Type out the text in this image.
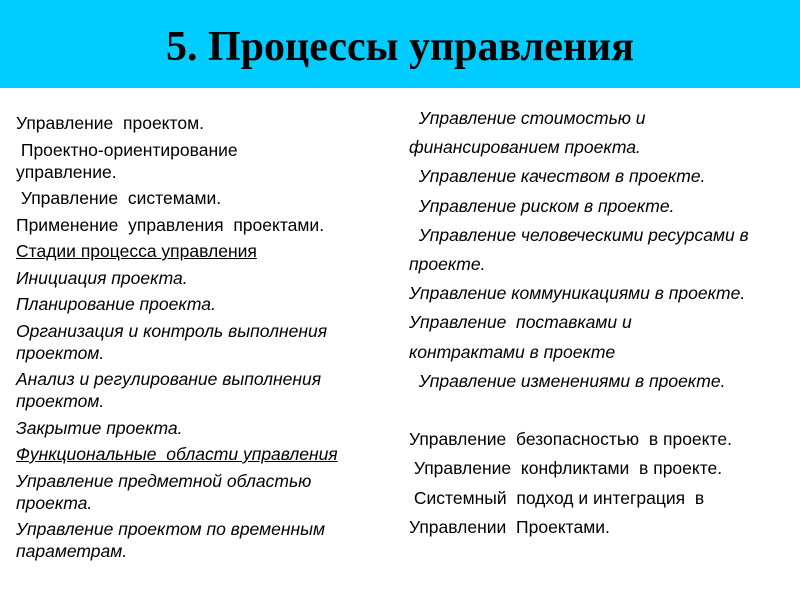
5. Процессы управления
Управление  проектом.
Проектно-ориентирование управление.
Управление  системами.
Применение  управления  проектами.
Стадии процесса управления
Инициация проекта.
Планирование проекта.
Организация и контроль выполнения проектом.
Анализ и регулирование выполнения проектом.
Закрытие проекта.
Функциональные  области управления
Управление предметной областью проекта.
Управление проектом по временным параметрам.
Управление стоимостью и
финансированием проекта.
Управление качеством в проекте.
Управление риском в проекте.
Управление человеческими ресурсами в
проекте.
Управление коммуникациями в проекте.
Управление  поставками и
контрактами в проекте
Управление изменениями в проекте.
Управление  безопасностью  в проекте.
Управление  конфликтами  в проекте.
Системный  подход и интеграция  в
Управлении  Проектами.
